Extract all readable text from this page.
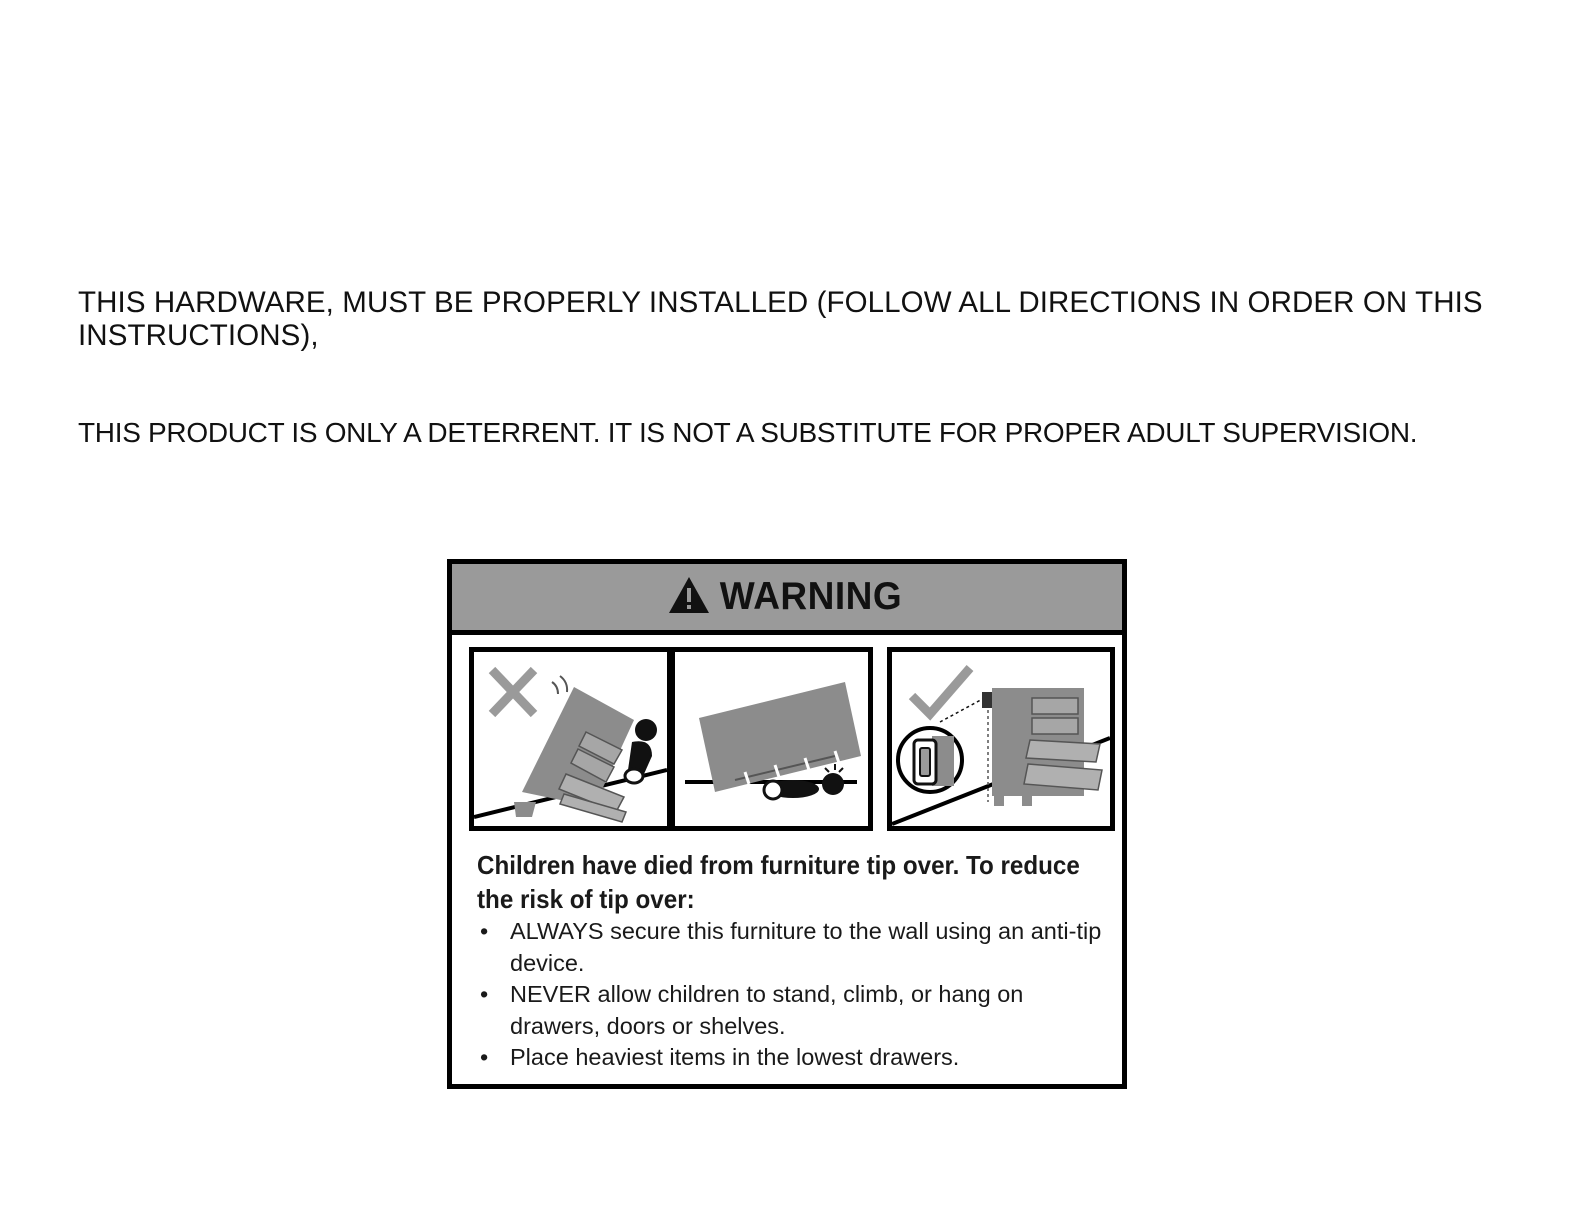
THIS HARDWARE, MUST BE PROPERLY INSTALLED (FOLLOW ALL DIRECTIONS IN ORDER ON THIS INSTRUCTIONS),

THIS PRODUCT IS ONLY A DETERRENT. IT IS NOT A SUBSTITUTE FOR PROPER ADULT SUPERVISION.

WARNING

Children have died from furniture tip over. To reduce the risk of tip over:

• ALWAYS secure this furniture to the wall using an anti-tip device.
• NEVER allow children to stand, climb, or hang on drawers, doors or shelves.
• Place heaviest items in the lowest drawers.
